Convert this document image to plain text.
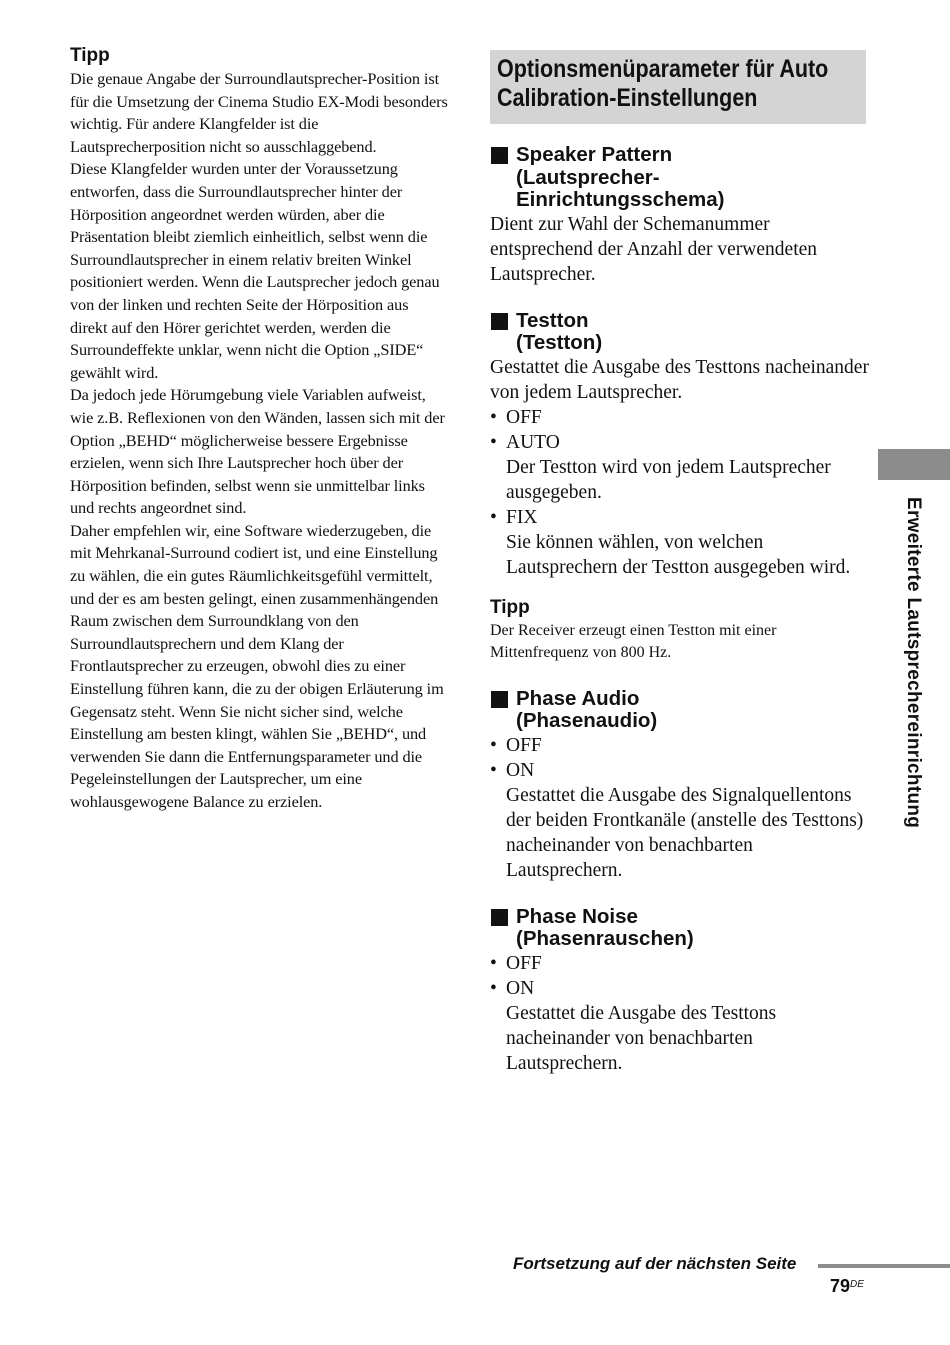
Tipp

Die genaue Angabe der Surroundlautsprecher-Position ist für die Umsetzung der Cinema Studio EX-Modi besonders wichtig. Für andere Klangfelder ist die Lautsprecherposition nicht so ausschlaggebend.

Diese Klangfelder wurden unter der Voraussetzung entworfen, dass die Surroundlautsprecher hinter der Hörposition angeordnet werden würden, aber die Präsentation bleibt ziemlich einheitlich, selbst wenn die Surroundlautsprecher in einem relativ breiten Winkel positioniert werden. Wenn die Lautsprecher jedoch genau von der linken und rechten Seite der Hörposition aus direkt auf den Hörer gerichtet werden, werden die Surroundeffekte unklar, wenn nicht die Option „SIDE“ gewählt wird.

Da jedoch jede Hörumgebung viele Variablen aufweist, wie z.B. Reflexionen von den Wänden, lassen sich mit der Option „BEHD“ möglicherweise bessere Ergebnisse erzielen, wenn sich Ihre Lautsprecher hoch über der Hörposition befinden, selbst wenn sie unmittelbar links und rechts angeordnet sind.

Daher empfehlen wir, eine Software wiederzugeben, die mit Mehrkanal-Surround codiert ist, und eine Einstellung zu wählen, die ein gutes Räumlichkeitsgefühl vermittelt, und der es am besten gelingt, einen zusammenhängenden Raum zwischen dem Surroundklang von den Surroundlautsprechern und dem Klang der Frontlautsprecher zu erzeugen, obwohl dies zu einer Einstellung führen kann, die zu der obigen Erläuterung im Gegensatz steht. Wenn Sie nicht sicher sind, welche Einstellung am besten klingt, wählen Sie „BEHD“, und verwenden Sie dann die Entfernungsparameter und die Pegeleinstellungen der Lautsprecher, um eine wohlausgewogene Balance zu erzielen.

Optionsmenüparameter für Auto
Calibration-Einstellungen
Speaker Pattern
(Lautsprecher-
Einrichtungsschema)

Dient zur Wahl der Schemanummer entsprechend der Anzahl der verwendeten Lautsprecher.

Testton
(Testton)

Gestattet die Ausgabe des Testtons nacheinander von jedem Lautsprecher.

• OFF
• AUTO
Der Testton wird von jedem Lautsprecher ausgegeben.
• FIX
Sie können wählen, von welchen Lautsprechern der Testton ausgegeben wird.
Tipp

Der Receiver erzeugt einen Testton mit einer Mittenfrequenz von 800 Hz.

Phase Audio
(Phasenaudio)
• OFF
• ON
Gestattet die Ausgabe des Signalquellentons der beiden Frontkanäle (anstelle des Testtons) nacheinander von benachbarten Lautsprechern.
Phase Noise
(Phasenrauschen)
• OFF
• ON
Gestattet die Ausgabe des Testtons nacheinander von benachbarten Lautsprechern.
Erweiterte Lautsprechereinrichtung
Fortsetzung auf der nächsten Seite
79DE
